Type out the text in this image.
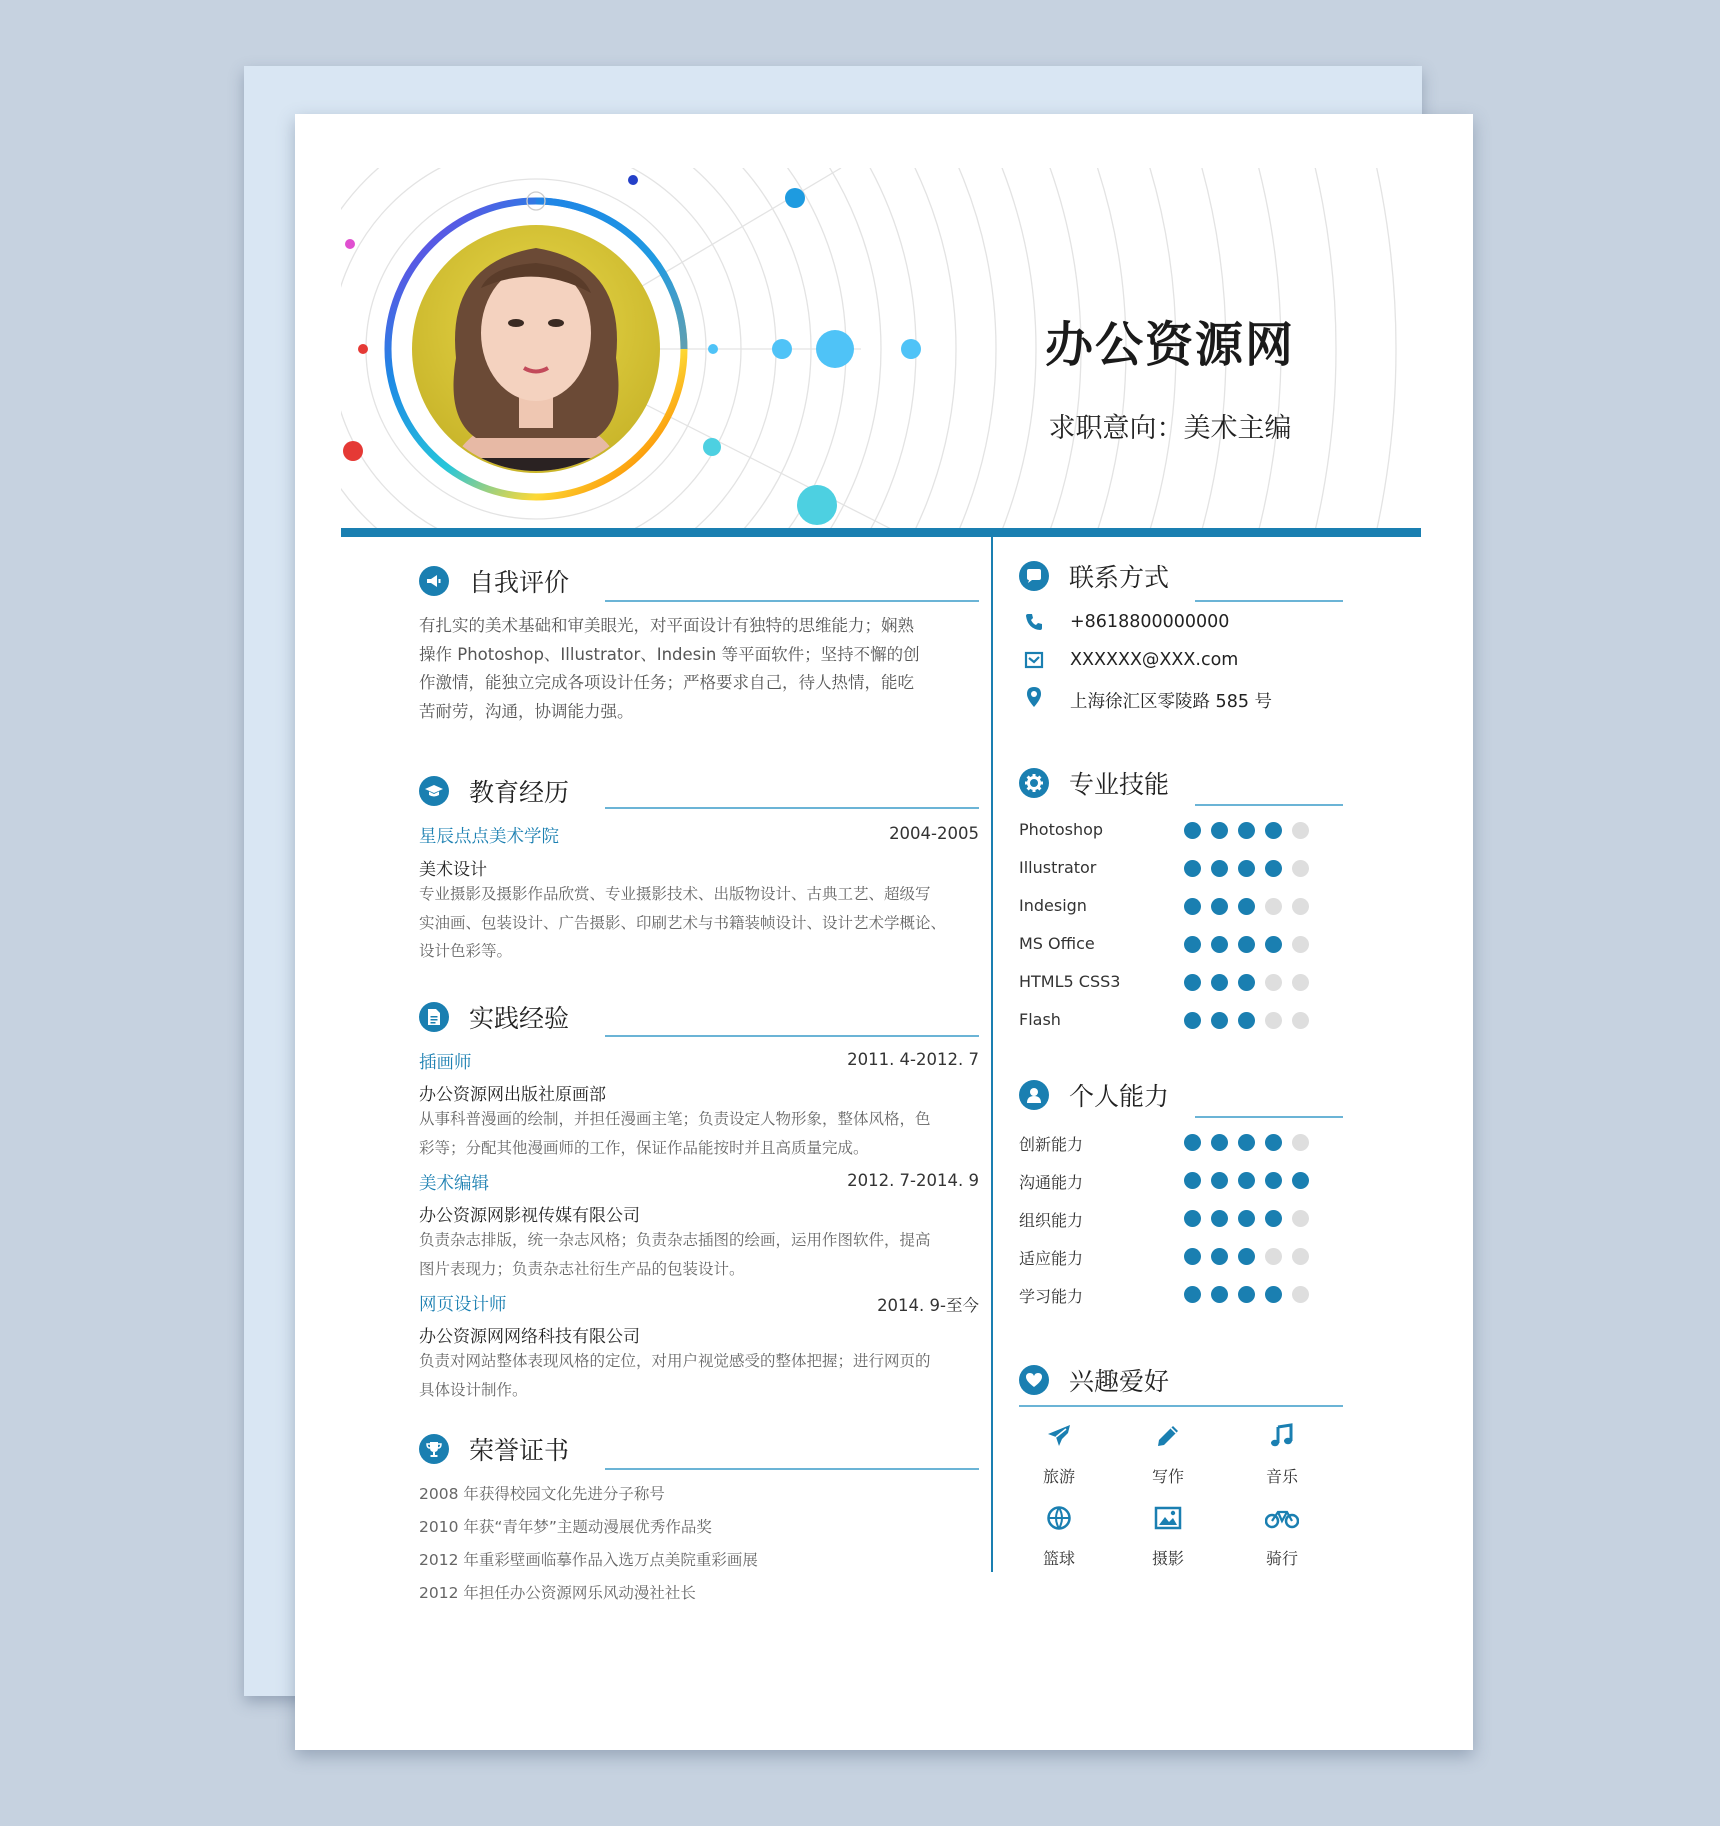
办公资源网
求职意向：美术主编
自我评价
有扎实的美术基础和审美眼光，对平面设计有独特的思维能力；娴熟
操作 Photoshop、Illustrator、Indesin 等平面软件；坚持不懈的创
作激情，能独立完成各项设计任务；严格要求自己，待人热情，能吃
苦耐劳，沟通，协调能力强。
教育经历
星辰点点美术学院	2004-2005
美术设计
专业摄影及摄影作品欣赏、专业摄影技术、出版物设计、古典工艺、超级写
实油画、包装设计、广告摄影、印刷艺术与书籍装帧设计、设计艺术学概论、
设计色彩等。
实践经验
插画师	2011. 4-2012. 7
办公资源网出版社原画部
从事科普漫画的绘制，并担任漫画主笔；负责设定人物形象，整体风格，色
彩等；分配其他漫画师的工作，保证作品能按时并且高质量完成。
美术编辑	2012. 7-2014. 9
办公资源网影视传媒有限公司
负责杂志排版，统一杂志风格；负责杂志插图的绘画，运用作图软件，提高
图片表现力；负责杂志社衍生产品的包装设计。
网页设计师	2014. 9-至今
办公资源网网络科技有限公司
负责对网站整体表现风格的定位，对用户视觉感受的整体把握；进行网页的
具体设计制作。
荣誉证书
2008 年获得校园文化先进分子称号
2010 年获“青年梦”主题动漫展优秀作品奖
2012 年重彩壁画临摹作品入选万点美院重彩画展
2012 年担任办公资源网乐风动漫社社长
联系方式
+8618800000000
XXXXXX@XXX.com
上海徐汇区零陵路 585 号
专业技能
个人能力
兴趣爱好
旅游	写作	音乐
篮球	摄影	骑行
Photoshop
Illustrator
Indesign
MS Office
HTML5 CSS3
Flash
创新能力
沟通能力
组织能力
适应能力
学习能力
